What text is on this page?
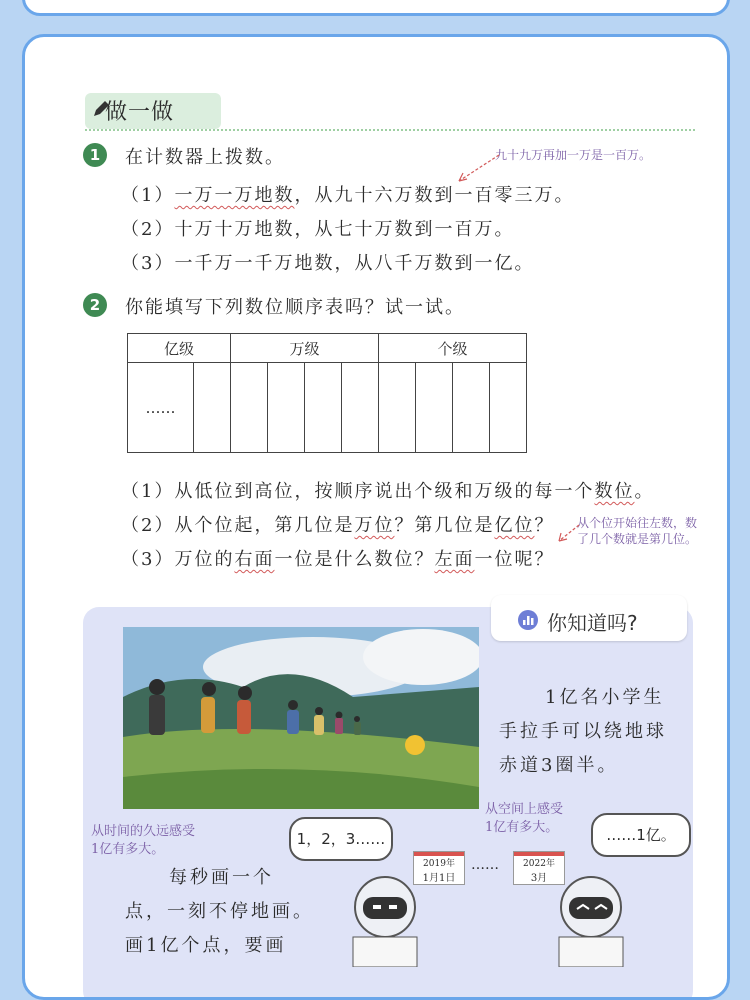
做一做
1	在计数器上拨数。
（1）一万一万地数，从九十六万数到一百零三万。
（2）十万十万地数，从七十万数到一百万。
（3）一千万一千万地数，从八千万数到一亿。
九十九万再加一万是一百万。
2	你能填写下列数位顺序表吗？试一试。
亿级		万级				个级			
……									
（1）从低位到高位，按顺序说出个级和万级的每一个数位。
（2）从个位起，第几位是万位？第几位是亿位？
（3）万位的右面一位是什么数位？左面一位呢？
从个位开始往左数，数了几个数就是第几位。
你知道吗?
1亿名小学生
手拉手可以绕地球
赤道3圈半。
从空间上感受
1亿有多大。
从时间的久远感受
1亿有多大。
1，2，3……	……1亿。
2019年
1月1日
……	2022年
3月
每秒画一个
点，一刻不停地画。
画1亿个点，要画
